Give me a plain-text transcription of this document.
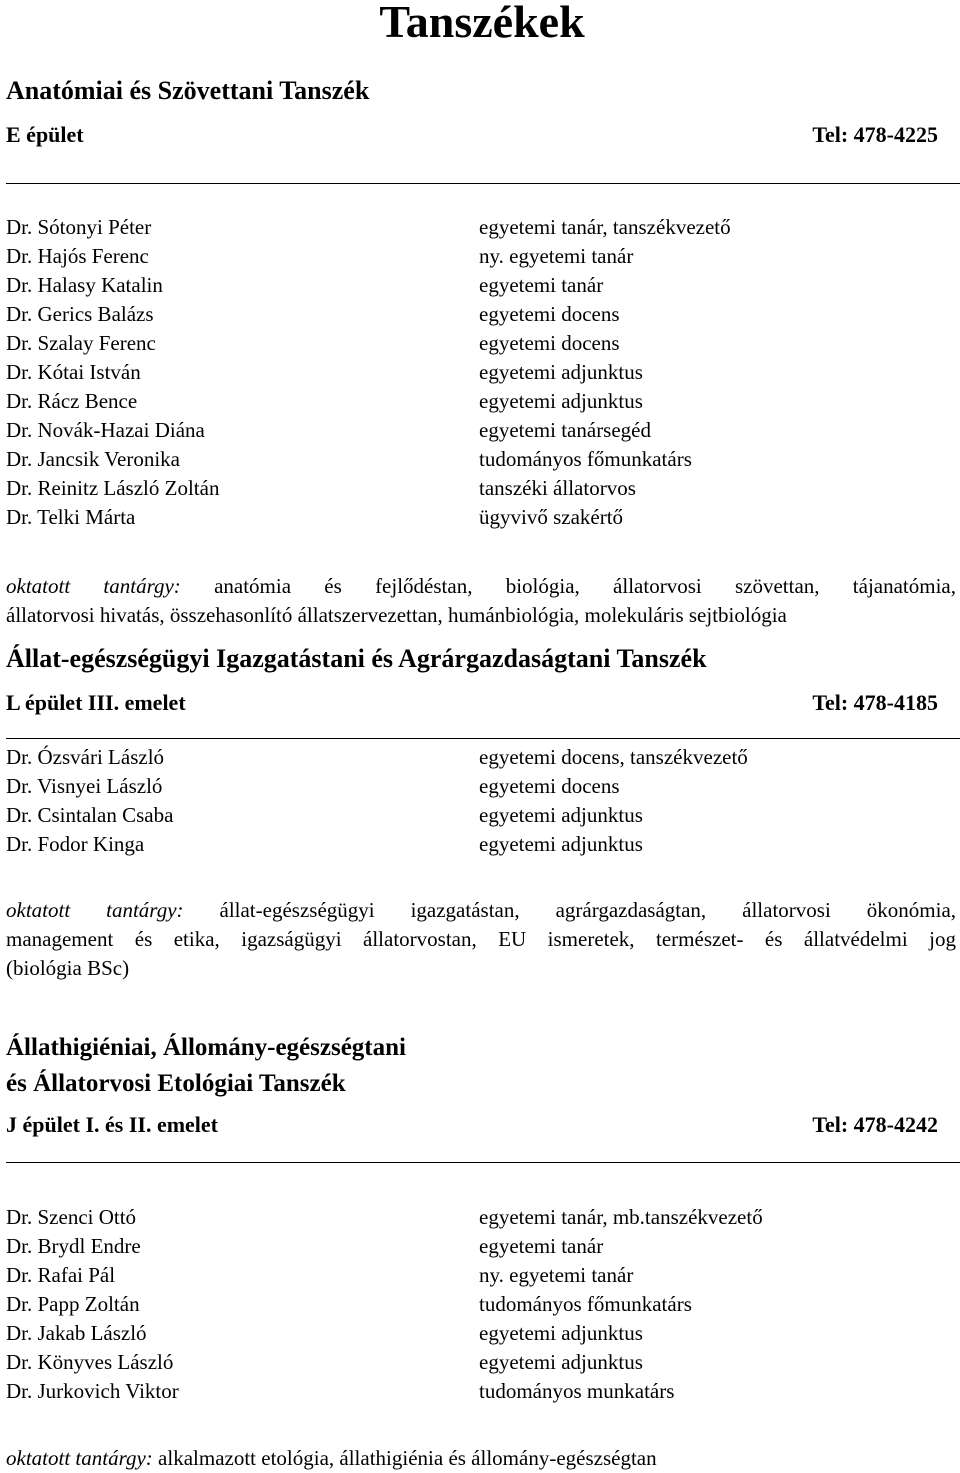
Tanszékek
Anatómiai és Szövettani Tanszék
E épület	Tel: 478-4225
Dr. Sótonyi Péter	egyetemi tanár, tanszékvezető
Dr. Hajós Ferenc	ny. egyetemi tanár
Dr. Halasy Katalin	egyetemi tanár
Dr. Gerics Balázs	egyetemi docens
Dr. Szalay Ferenc	egyetemi docens
Dr. Kótai István	egyetemi adjunktus
Dr. Rácz Bence	egyetemi adjunktus
Dr. Novák-Hazai Diána	egyetemi tanársegéd
Dr. Jancsik Veronika	tudományos főmunkatárs
Dr. Reinitz László Zoltán	tanszéki állatorvos
Dr. Telki Márta	ügyvivő szakértő
oktatott tantárgy: anatómia és fejlődéstan, biológia, állatorvosi szövettan, tájanatómia,
állatorvosi hivatás, összehasonlító állatszervezettan, humánbiológia, molekuláris sejtbiológia
Állat-egészségügyi Igazgatástani és Agrárgazdaságtani Tanszék
L épület III. emelet	Tel: 478-4185
Dr. Ózsvári László	egyetemi docens, tanszékvezető
Dr. Visnyei László	egyetemi docens
Dr. Csintalan Csaba	egyetemi adjunktus
Dr. Fodor Kinga	egyetemi adjunktus
oktatott tantárgy: állat-egészségügyi igazgatástan, agrárgazdaságtan, állatorvosi ökonómia,
management és etika, igazságügyi állatorvostan, EU ismeretek, természet- és állatvédelmi jog
(biológia BSc)
Állathigiéniai, Állomány-egészségtani
és Állatorvosi Etológiai Tanszék
J épület I. és II. emelet	Tel: 478-4242
Dr. Szenci Ottó	egyetemi tanár, mb.tanszékvezető
Dr. Brydl Endre	egyetemi tanár
Dr. Rafai Pál	ny. egyetemi tanár
Dr. Papp Zoltán	tudományos főmunkatárs
Dr. Jakab László	egyetemi adjunktus
Dr. Könyves László	egyetemi adjunktus
Dr. Jurkovich Viktor	tudományos munkatárs
oktatott tantárgy: alkalmazott etológia, állathigiénia és állomány-egészségtan
